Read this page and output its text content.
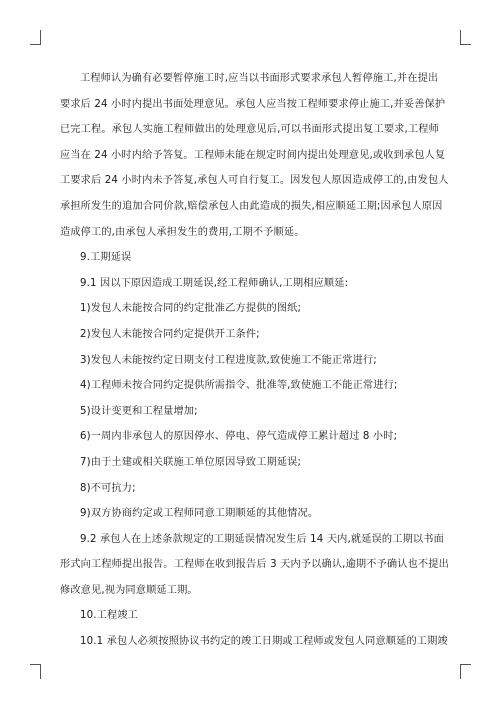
工程师认为确有必要暂停施工时,应当以书面形式要求承包人暂停施工,并在提出

要求后 24 小时内提出书面处理意见。承包人应当按工程师要求停止施工,并妥善保护

已完工程。承包人实施工程师做出的处理意见后,可以书面形式提出复工要求,工程师

应当在 24 小时内给予答复。工程师未能在规定时间内提出处理意见,或收到承包人复

工要求后 24 小时内未予答复,承包人可自行复工。因发包人原因造成停工的,由发包人

承担所发生的追加合同价款,赔偿承包人由此造成的损失,相应顺延工期;因承包人原因

造成停工的,由承包人承担发生的费用,工期不予顺延。

9.工期延误

9.1 因以下原因造成工期延误,经工程师确认,工期相应顺延:

1)发包人未能按合同的约定批准乙方提供的图纸;

2)发包人未能按合同约定提供开工条件;

3)发包人未能按约定日期支付工程进度款,致使施工不能正常进行;

4)工程师未按合同约定提供所需指令、批准等,致使施工不能正常进行;

5)设计变更和工程量增加;

6)一周内非承包人的原因停水、停电、停气造成停工累计超过 8 小时;

7)由于土建或相关联施工单位原因导致工期延误;

8)不可抗力;

9)双方协商约定或工程师同意工期顺延的其他情况。

9.2 承包人在上述条款规定的工期延误情况发生后 14 天内,就延误的工期以书面

形式向工程师提出报告。工程师在收到报告后 3 天内予以确认,逾期不予确认也不提出

修改意见,视为同意顺延工期。

10.工程竣工

10.1 承包人必须按照协议书约定的竣工日期或工程师或发包人同意顺延的工期竣
